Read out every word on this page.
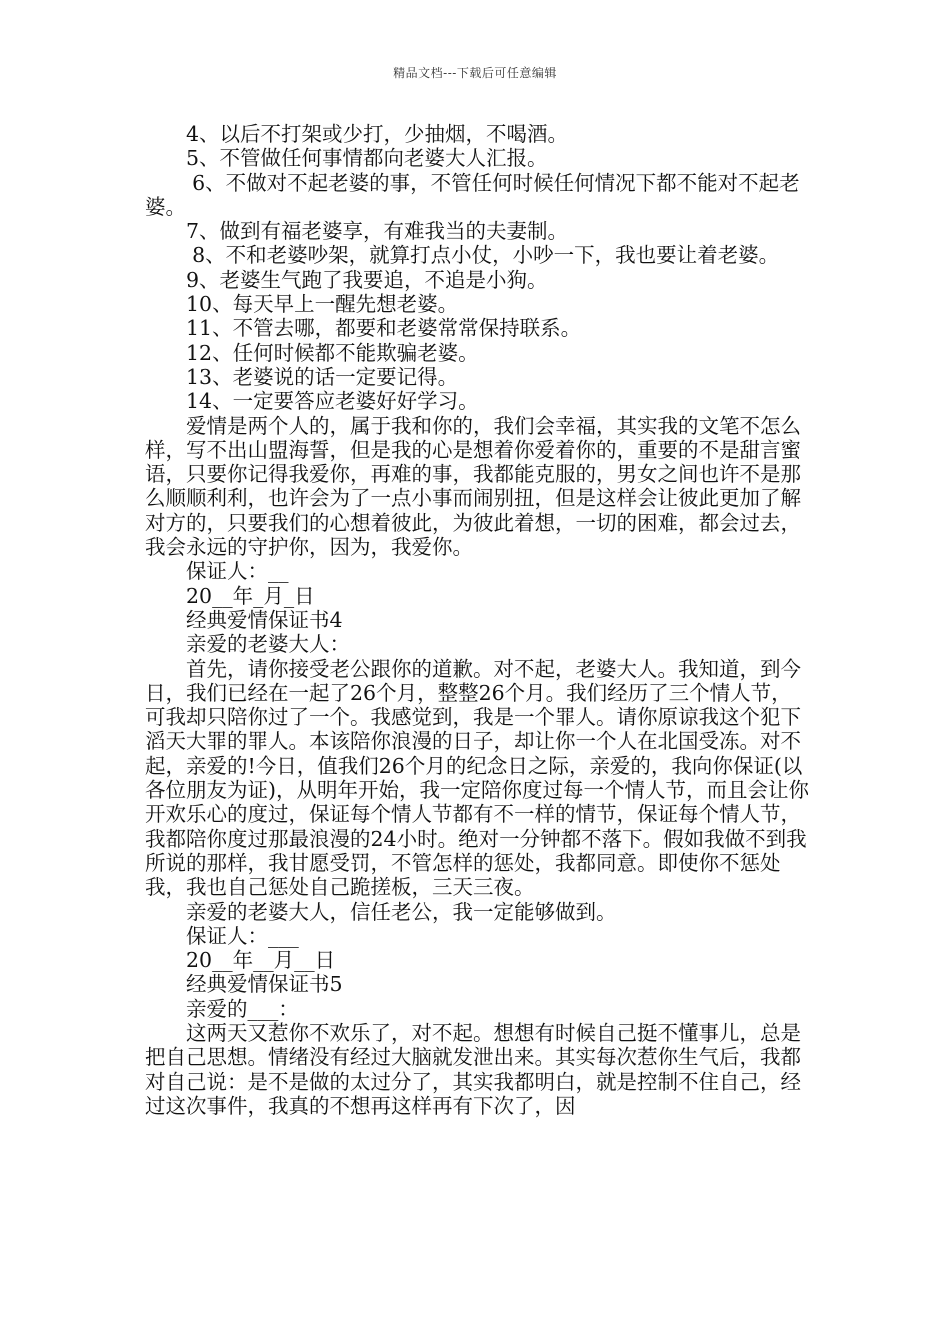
精品文档---下载后可任意编辑

4、以后不打架或少打，少抽烟，不喝酒。

5、不管做任何事情都向老婆大人汇报。

6、不做对不起老婆的事，不管任何时候任何情况下都不能对不起老婆。

7、做到有福老婆享，有难我当的夫妻制。

8、不和老婆吵架，就算打点小仗，小吵一下，我也要让着老婆。

9、老婆生气跑了我要追，不追是小狗。

10、每天早上一醒先想老婆。

11、不管去哪，都要和老婆常常保持联系。

12、任何时候都不能欺骗老婆。

13、老婆说的话一定要记得。

14、一定要答应老婆好好学习。

爱情是两个人的，属于我和你的，我们会幸福，其实我的文笔不怎么样，写不出山盟海誓，但是我的心是想着你爱着你的，重要的不是甜言蜜语，只要你记得我爱你，再难的事，我都能克服的，男女之间也许不是那么顺顺利利，也许会为了一点小事而闹别扭，但是这样会让彼此更加了解对方的，只要我们的心想着彼此，为彼此着想，一切的困难，都会过去，我会永远的守护你，因为，我爱你。

保证人：__

20__年_月_日

经典爱情保证书4

亲爱的老婆大人：

首先，请你接受老公跟你的道歉。对不起，老婆大人。我知道，到今日，我们已经在一起了26个月，整整26个月。我们经历了三个情人节，可我却只陪你过了一个。我感觉到，我是一个罪人。请你原谅我这个犯下滔天大罪的罪人。本该陪你浪漫的日子，却让你一个人在北国受冻。对不起，亲爱的!今日，值我们26个月的纪念日之际，亲爱的，我向你保证(以各位朋友为证)，从明年开始，我一定陪你度过每一个情人节，而且会让你开欢乐心的度过，保证每个情人节都有不一样的情节，保证每个情人节，我都陪你度过那最浪漫的24小时。绝对一分钟都不落下。假如我做不到我所说的那样，我甘愿受罚，不管怎样的惩处，我都同意。即使你不惩处我，我也自己惩处自己跪搓板，三天三夜。

亲爱的老婆大人，信任老公，我一定能够做到。

保证人：___

20__年__月__日

经典爱情保证书5

亲爱的___：

这两天又惹你不欢乐了，对不起。想想有时候自己挺不懂事儿，总是把自己思想。情绪没有经过大脑就发泄出来。其实每次惹你生气后，我都对自己说：是不是做的太过分了，其实我都明白，就是控制不住自己，经过这次事件，我真的不想再这样再有下次了，因
